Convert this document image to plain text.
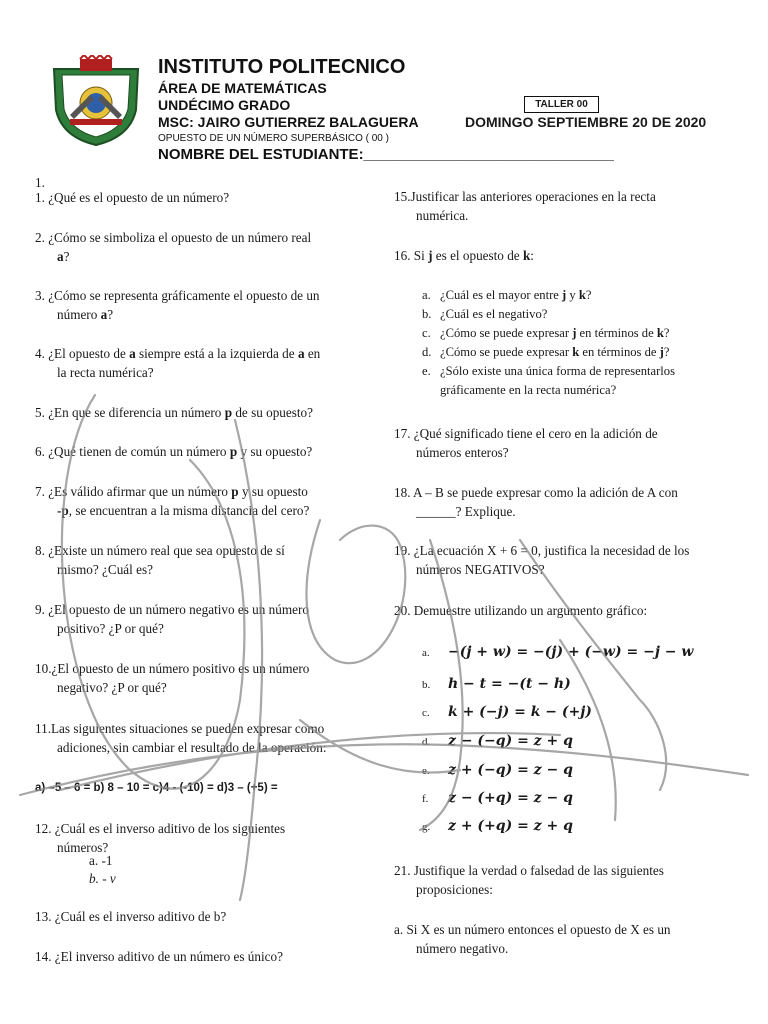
INSTITUTO POLITECNICO
ÁREA DE MATEMÁTICAS
UNDÉCIMO GRADO
MSC: JAIRO GUTIERREZ BALAGUERA	DOMINGO SEPTIEMBRE 20 DE 2020
TALLER 00
OPUESTO DE UN NÚMERO SUPERBÁSICO ( 00 )
NOMBRE DEL ESTUDIANTE:______________________________
1.
1. ¿Qué es el opuesto de un número?
2. ¿Cómo se simboliza el opuesto de un número real
a?
3. ¿Cómo se representa gráficamente el opuesto de un
número a?
4. ¿El opuesto de a siempre está a la izquierda de a en
la recta numérica?
5. ¿En que se diferencia un número p de su opuesto?
6. ¿Qué tienen de común un número p y su opuesto?
7. ¿Es válido afirmar que un número p y su opuesto
-p, se encuentran a la misma distancia del cero?
8. ¿Existe un número real que sea opuesto de sí
mismo? ¿Cuál es?
9. ¿El opuesto de un número negativo es un número
positivo? ¿P or qué?
10.¿El opuesto de un número positivo es un número
negativo? ¿P or qué?
11.Las siguientes situaciones se pueden expresar como
adiciones, sin cambiar el resultado de la operación:
a) –5 – 6 = b) 8 – 10 = c)4 - (-10) = d)3 – (+5) =
12. ¿Cuál es el inverso aditivo de los siguientes
números?
a. -1
b. - v
13. ¿Cuál es el inverso aditivo de b?
14. ¿El inverso aditivo de un número es único?
15.Justificar las anteriores operaciones en la recta
numérica.
16. Si j es el opuesto de k:
a. ¿Cuál es el mayor entre j y k?
b. ¿Cuál es el negativo?
c. ¿Cómo se puede expresar j en términos de k?
d. ¿Cómo se puede expresar k en términos de j?
e. ¿Sólo existe una única forma de representarlos
gráficamente en la recta numérica?
17. ¿Qué significado tiene el cero en la adición de
números enteros?
18. A – B se puede expresar como la adición de A con
______? Explique.
19. ¿La ecuación X + 6 = 0, justifica la necesidad de los
números NEGATIVOS?
20. Demuestre utilizando un argumento gráfico:
a. −(j + w) = −(j) + (−w) = −j − w
b. h − t = −(t − h)
c. k + (−j) = k − (+j)
d. z − (−q) = z + q
e. z + (−q) = z − q
f. z − (+q) = z − q
g. z + (+q) = z + q
21. Justifique la verdad o falsedad de las siguientes
proposiciones:
a. Si X es un número entonces el opuesto de X es un
número negativo.
